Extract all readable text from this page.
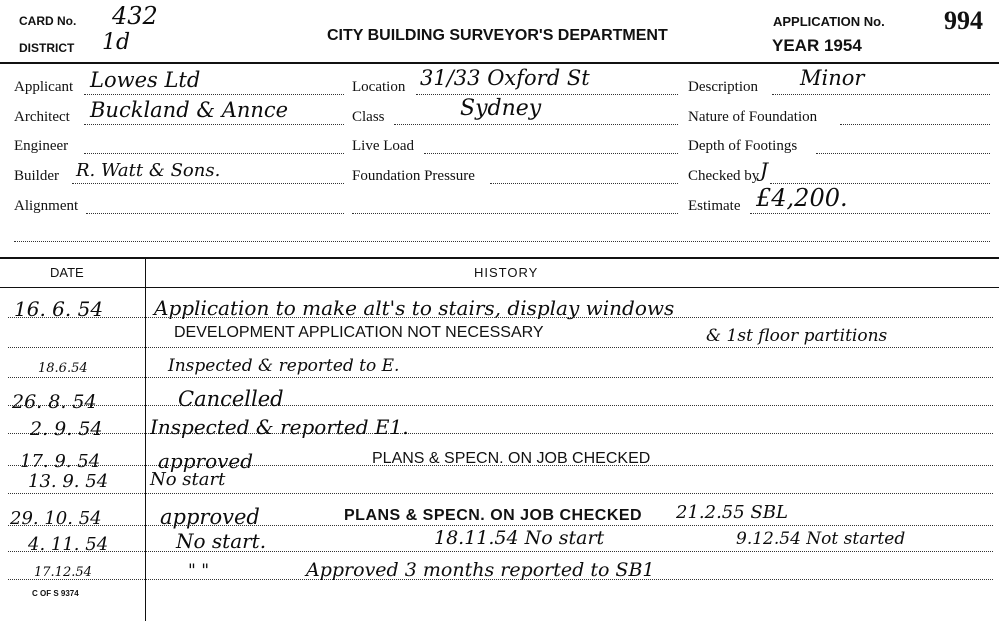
CARD No. 432
DISTRICT 1d	CITY BUILDING SURVEYOR'S DEPARTMENT
APPLICATION No. 994
YEAR 1954
Applicant Lowes Ltd
Architect Buckland & Annce
Engineer
Builder R. Watt & Sons.
Alignment
Location 31/33 Oxford St
Class	Sydney
Live Load
Foundation Pressure
Description Minor
Nature of Foundation
Depth of Footings
Checked by J
Estimate £4,200.
DATE	HISTORY
16. 6. 54	Application to make alt's to stairs, display windows
DEVELOPMENT APPLICATION NOT NECESSARY	& 1st floor partitions
18.6.54	Inspected & reported to E.
26. 8. 54	Cancelled
2. 9. 54 Inspected & reported E1.
17. 9. 54	approved	PLANS & SPECN. ON JOB CHECKED
13. 9. 54 No start
29. 10. 54	approved	PLANS & SPECN. ON JOB CHECKED 21.2.55 SBL
4. 11. 54	No start.	18.11.54 No start	9.12.54 Not started
17.12.54	" "	Approved 3 months reported to SB1
C OF S 9374
